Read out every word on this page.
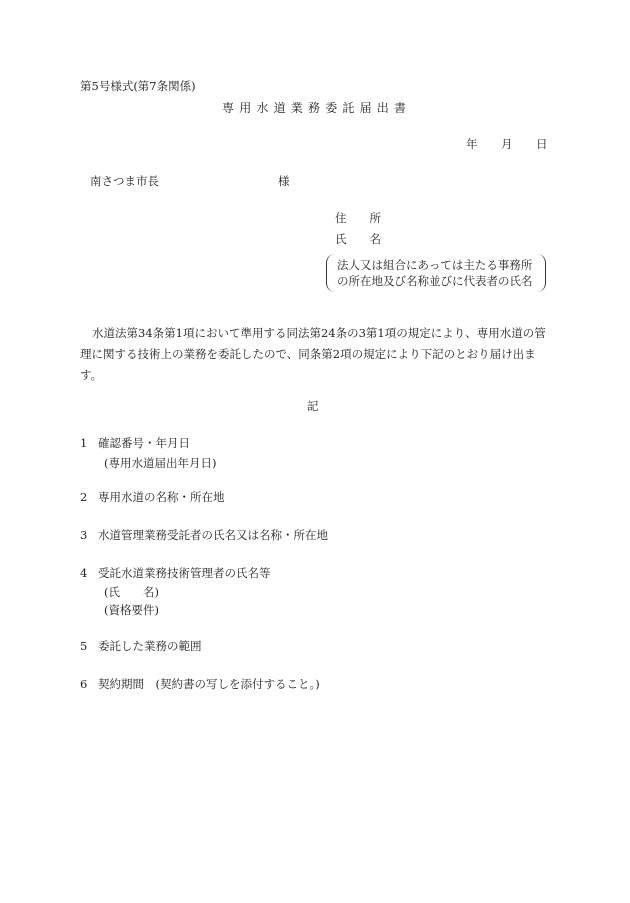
第5号様式(第7条関係)
専用水道業務委託届出書
年 月 日
南さつま市長	様
住 所
氏 名
法人又は組合にあっては主たる事務所
の所在地及び名称並びに代表者の氏名
水道法第34条第1項において準用する同法第24条の3第1項の規定により、専用水道の管理に関する技術上の業務を委託したので、同条第2項の規定により下記のとおり届け出ます。
記
1 確認番号・年月日
(専用水道届出年月日)
2 専用水道の名称・所在地
3 水道管理業務受託者の氏名又は名称・所在地
4 受託水道業務技術管理者の氏名等
(氏　　名)
(資格要件)
5 委託した業務の範囲
6 契約期間　(契約書の写しを添付すること。)
